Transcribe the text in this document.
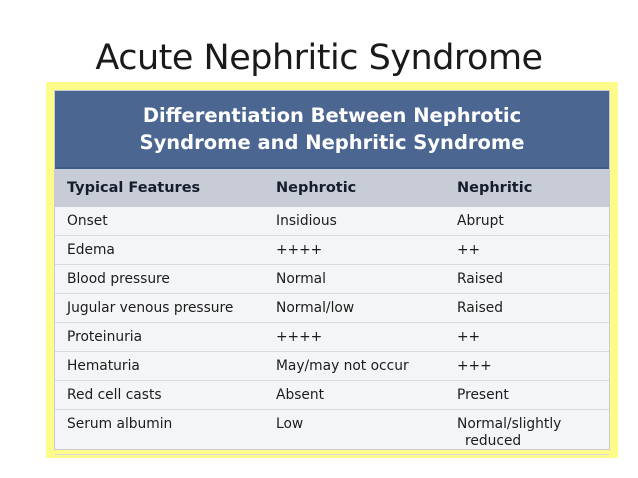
Acute Nephritic Syndrome
Differentiation Between Nephrotic
Syndrome and Nephritic Syndrome
Typical Features	Nephrotic	Nephritic
Onset	Insidious	Abrupt
Edema	++++	++
Blood pressure	Normal	Raised
Jugular venous pressure	Normal/low	Raised
Proteinuria	++++	++
Hematuria	May/may not occur	+++
Red cell casts	Absent	Present
Serum albumin	Low	Normal/slightly
reduced
